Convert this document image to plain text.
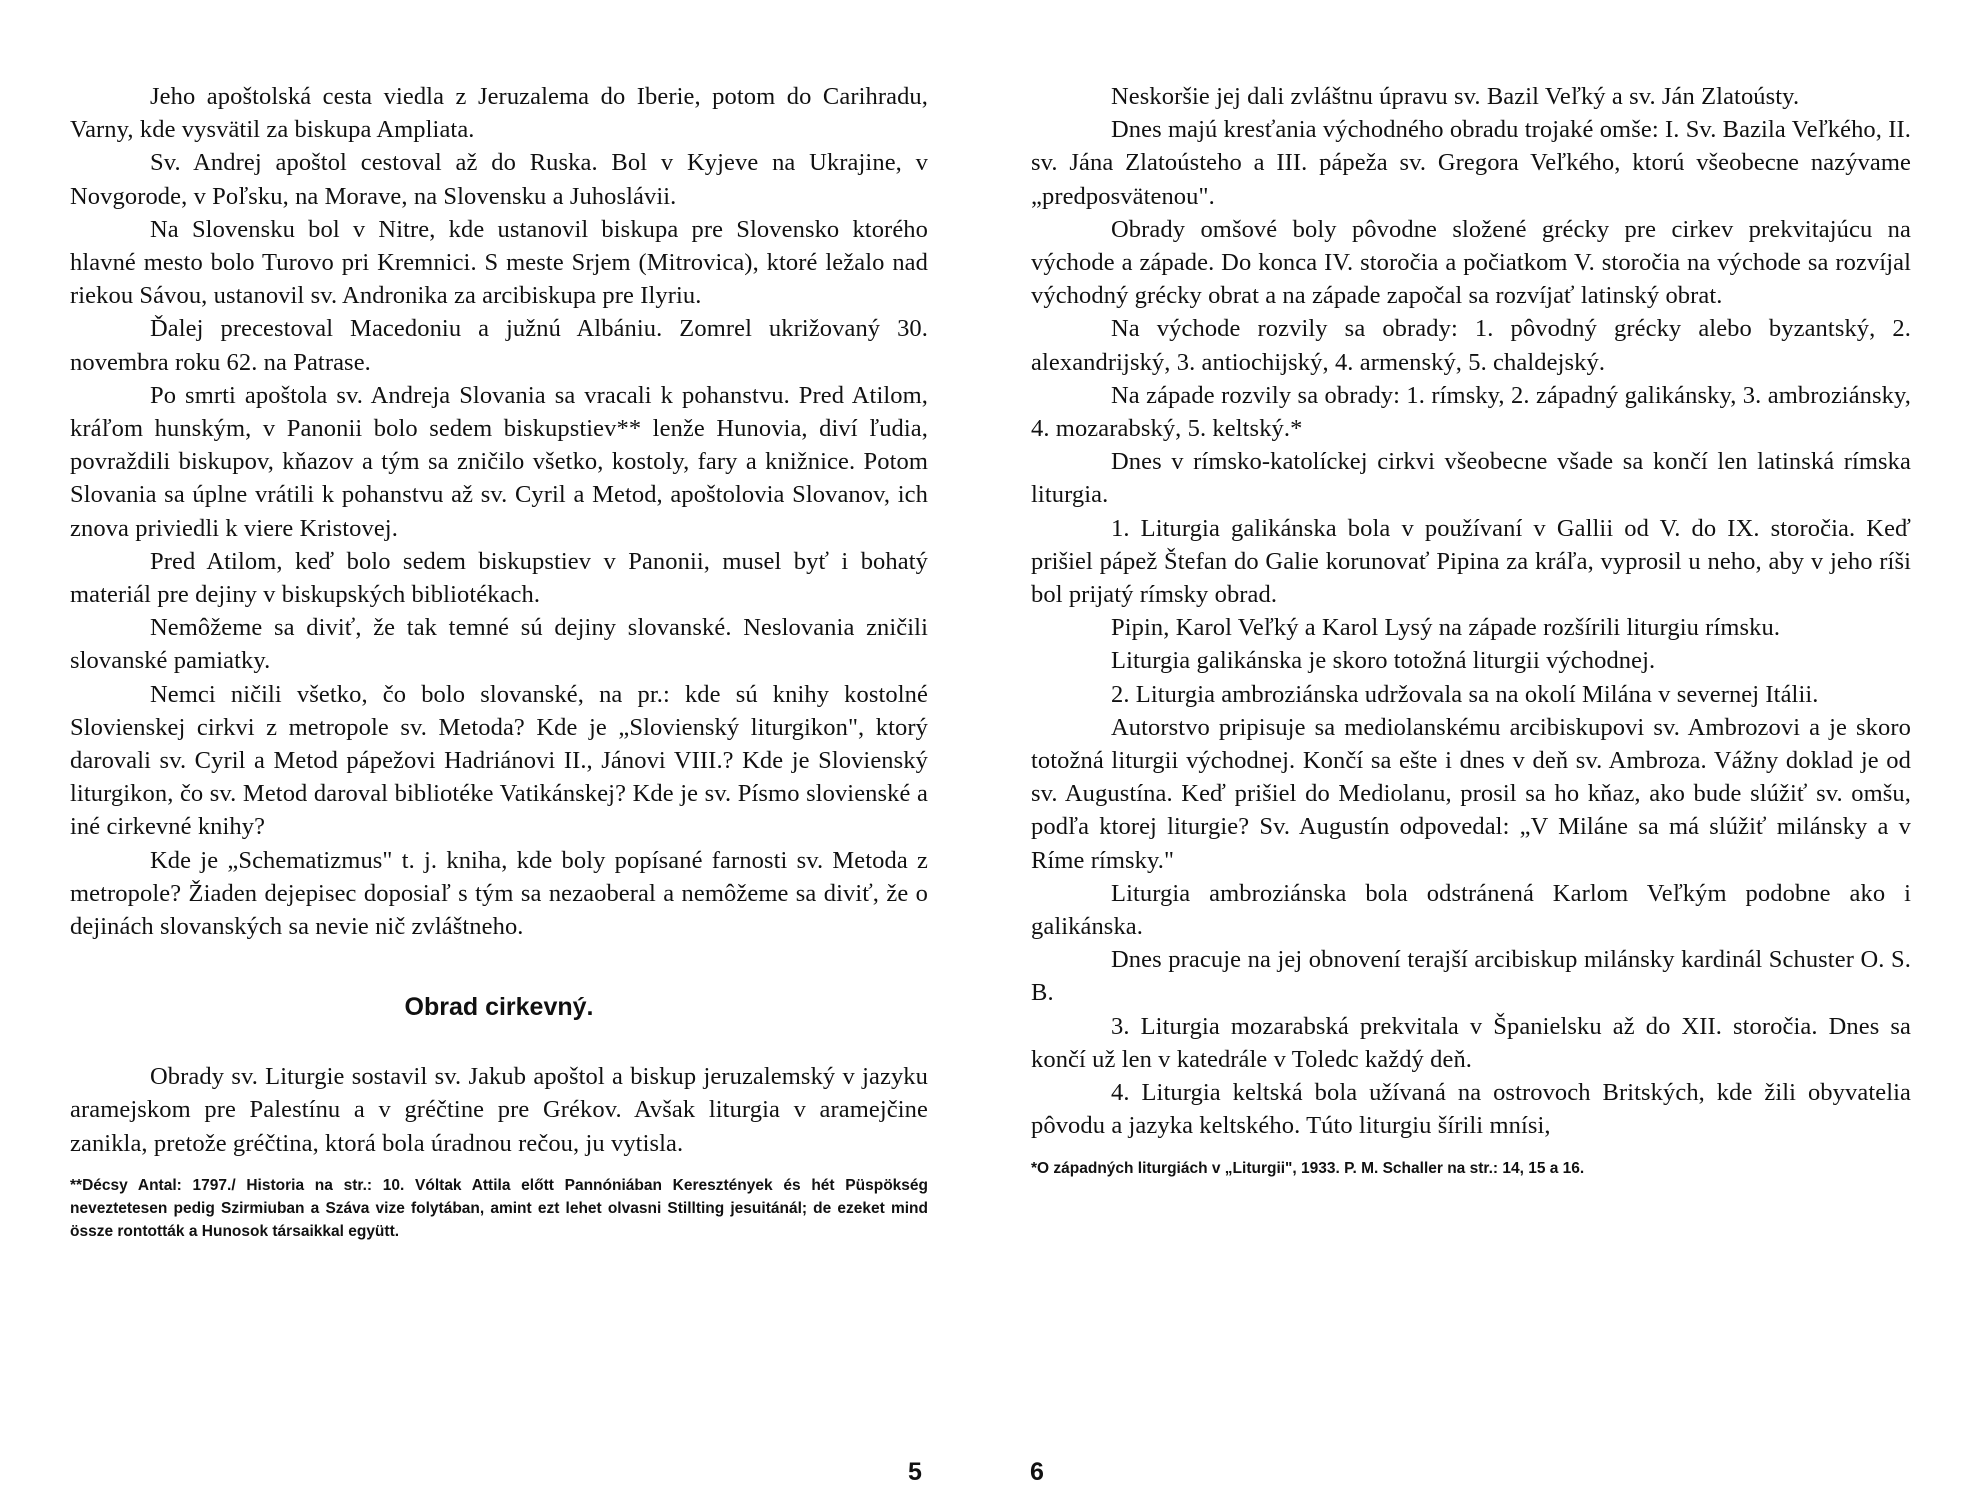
Jeho apoštolská cesta viedla z Jeruzalema do Iberie, potom do Carihradu, Varny, kde vysvätil za biskupa Ampliata.

Sv. Andrej apoštol cestoval až do Ruska. Bol v Kyjeve na Ukrajine, v Novgorode, v Poľsku, na Morave, na Slovensku a Juhoslávii.

Na Slovensku bol v Nitre, kde ustanovil biskupa pre Slovensko ktorého hlavné mesto bolo Turovo pri Kremnici. S meste Srjem (Mitrovica), ktoré ležalo nad riekou Sávou, ustanovil sv. Andronika za arcibiskupa pre Ilyriu.

Ďalej precestoval Macedoniu a južnú Albániu. Zomrel ukrižovaný 30. novembra roku 62. na Patrase.

Po smrti apoštola sv. Andreja Slovania sa vracali k pohanstvu. Pred Atilom, kráľom hunským, v Panonii bolo sedem biskupstiev** lenže Hunovia, diví ľudia, povraždili biskupov, kňazov a tým sa zničilo všetko, kostoly, fary a knižnice. Potom Slovania sa úplne vrátili k pohanstvu až sv. Cyril a Metod, apoštolovia Slovanov, ich znova priviedli k viere Kristovej.

Pred Atilom, keď bolo sedem biskupstiev v Panonii, musel byť i bohatý materiál pre dejiny v biskupských bibliotékach.

Nemôžeme sa diviť, že tak temné sú dejiny slovanské. Neslovania zničili slovanské pamiatky.

Nemci ničili všetko, čo bolo slovanské, na pr.: kde sú knihy kostolné Slovienskej cirkvi z metropole sv. Metoda? Kde je „Slovienský liturgikon", ktorý darovali sv. Cyril a Metod pápežovi Hadriánovi II., Jánovi VIII.? Kde je Slovienský liturgikon, čo sv. Metod daroval bibliotéke Vatikánskej? Kde je sv. Písmo slovienské a iné cirkevné knihy?

Kde je „Schematizmus" t. j. kniha, kde boly popísané farnosti sv. Metoda z metropole? Žiaden dejepisec doposiaľ s tým sa nezaoberal a nemôžeme sa diviť, že o dejinách slovanských sa nevie nič zvláštneho.

Obrad cirkevný.

Obrady sv. Liturgie sostavil sv. Jakub apoštol a biskup jeruzalemský v jazyku aramejskom pre Palestínu a v gréčtine pre Grékov. Avšak liturgia v aramejčine zanikla, pretože gréčtina, ktorá bola úradnou rečou, ju vytisla.

**Décsy Antal: 1797./ Historia na str.: 10. Vóltak Attila előtt Pannóniában Keresztények és hét Püspökség neveztetesen pedig Szirmiuban a Száva vize folytában, amint ezt lehet olvasni Stillting jesuitánál; de ezeket mind össze rontották a Hunosok társaikkal együtt.

5

Neskoršie jej dali zvláštnu úpravu sv. Bazil Veľký a sv. Ján Zlatoústy.

Dnes majú kresťania východného obradu trojaké omše: I. Sv. Bazila Veľkého, II. sv. Jána Zlatoústeho a III. pápeža sv. Gregora Veľkého, ktorú všeobecne nazývame „predposvätenou".

Obrady omšové boly pôvodne složené grécky pre cirkev prekvitajúcu na východe a západe. Do konca IV. storočia a počiatkom V. storočia na východe sa rozvíjal východný grécky obrat a na západe započal sa rozvíjať latinský obrat.

Na východe rozvily sa obrady: 1. pôvodný grécky alebo byzantský, 2. alexandrijský, 3. antiochijský, 4. armenský, 5. chaldejský.

Na západe rozvily sa obrady: 1. rímsky, 2. západný galikánsky, 3. ambroziánsky, 4. mozarabský, 5. keltský.*

Dnes v rímsko-katolíckej cirkvi všeobecne všade sa končí len latinská rímska liturgia.

1. Liturgia galikánska bola v používaní v Gallii od V. do IX. storočia. Keď prišiel pápež Štefan do Galie korunovať Pipina za kráľa, vyprosil u neho, aby v jeho ríši bol prijatý rímsky obrad.

Pipin, Karol Veľký a Karol Lysý na západe rozšírili liturgiu rímsku.

Liturgia galikánska je skoro totožná liturgii východnej.

2. Liturgia ambroziánska udržovala sa na okolí Milána v severnej Itálii.

Autorstvo pripisuje sa mediolanskému arcibiskupovi sv. Ambrozovi a je skoro totožná liturgii východnej. Končí sa ešte i dnes v deň sv. Ambroza. Vážny doklad je od sv. Augustína. Keď prišiel do Mediolanu, prosil sa ho kňaz, ako bude slúžiť sv. omšu, podľa ktorej liturgie? Sv. Augustín odpovedal: „V Miláne sa má slúžiť milánsky a v Ríme rímsky."

Liturgia ambroziánska bola odstránená Karlom Veľkým podobne ako i galikánska.

Dnes pracuje na jej obnovení terajší arcibiskup milánsky kardinál Schuster O. S. B.

3. Liturgia mozarabská prekvitala v Španielsku až do XII. storočia. Dnes sa končí už len v katedrále v Toledc každý deň.

4. Liturgia keltská bola užívaná na ostrovoch Britských, kde žili obyvatelia pôvodu a jazyka keltského. Túto liturgiu šírili mnísi,

*O západných liturgiách v „Liturgii", 1933. P. M. Schaller na str.: 14, 15 a 16.

6
